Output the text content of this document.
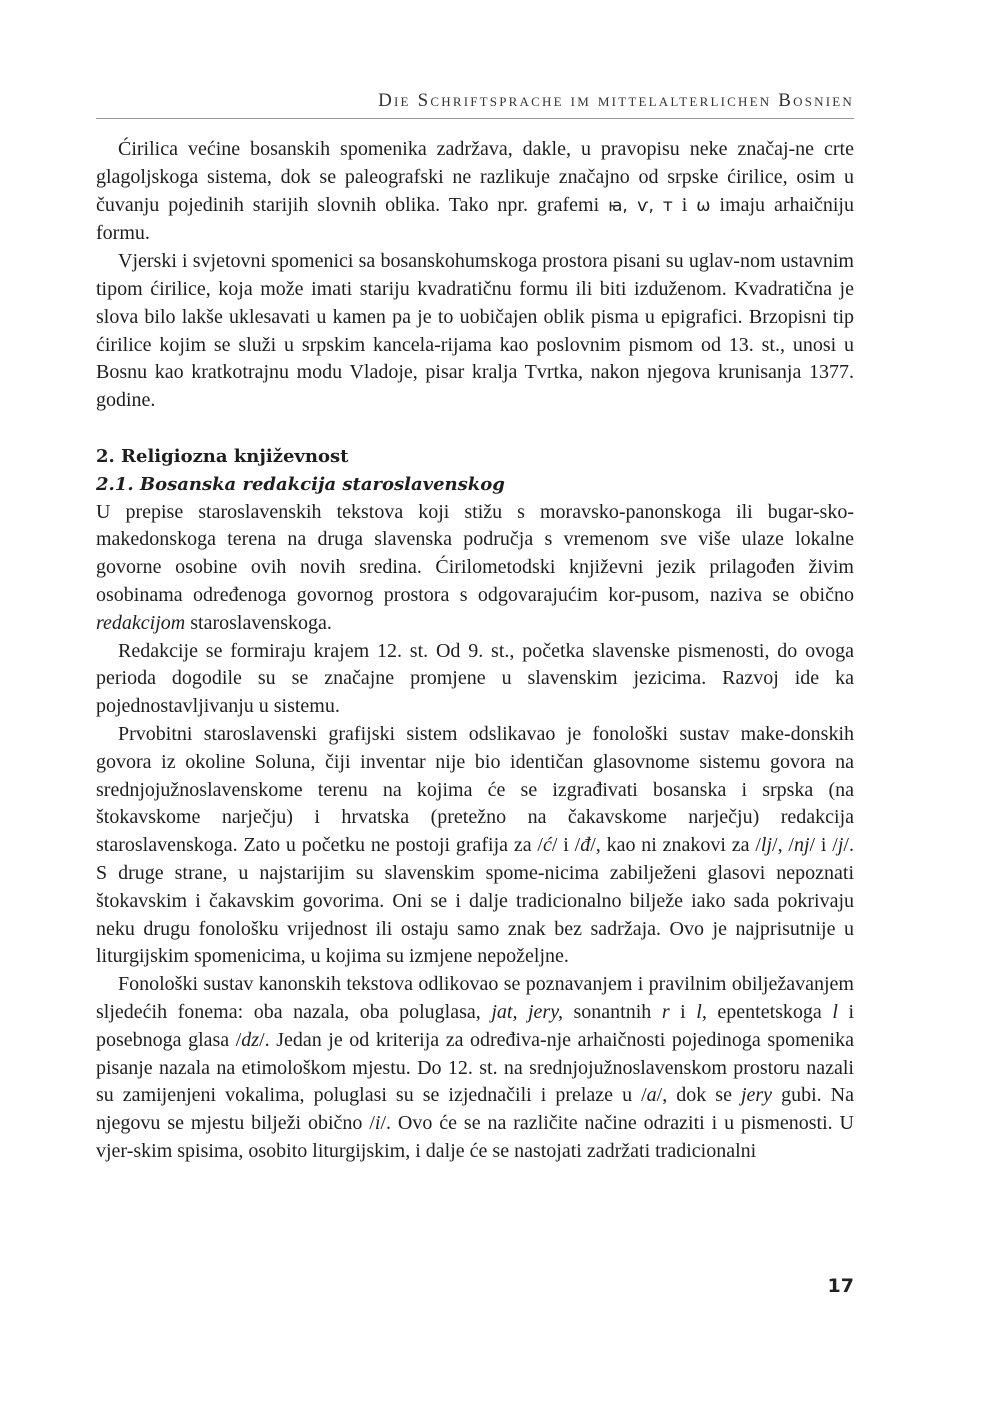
Die Schriftsprache im mittelalterlichen Bosnien

Ćirilica većine bosanskih spomenika zadržava, dakle, u pravopisu neke značaj-ne crte glagoljskoga sistema, dok se paleografski ne razlikuje značajno od srpske ćirilice, osim u čuvanju pojedinih starijih slovnih oblika. Tako npr. grafemi ꙗ, ѵ, т i ѡ imaju arhaičniju formu.

Vjerski i svjetovni spomenici sa bosanskohumskoga prostora pisani su uglav-nom ustavnim tipom ćirilice, koja može imati stariju kvadratičnu formu ili biti izduženom. Kvadratična je slova bilo lakše uklesavati u kamen pa je to uobičajen oblik pisma u epigrafici. Brzopisni tip ćirilice kojim se služi u srpskim kancela-rijama kao poslovnim pismom od 13. st., unosi u Bosnu kao kratkotrajnu modu Vladoje, pisar kralja Tvrtka, nakon njegova krunisanja 1377. godine.

2. Religiozna književnost
2.1. Bosanska redakcija staroslavenskog

U prepise staroslavenskih tekstova koji stižu s moravsko-panonskoga ili bugar-sko-makedonskoga terena na druga slavenska područja s vremenom sve više ulaze lokalne govorne osobine ovih novih sredina. Ćirilometodski književni jezik prilagođen živim osobinama određenoga govornog prostora s odgovarajućim kor-pusom, naziva se obično redakcijom staroslavenskoga.

Redakcije se formiraju krajem 12. st. Od 9. st., početka slavenske pismenosti, do ovoga perioda dogodile su se značajne promjene u slavenskim jezicima. Razvoj ide ka pojednostavljivanju u sistemu.

Prvobitni staroslavenski grafijski sistem odslikavao je fonološki sustav make-donskih govora iz okoline Soluna, čiji inventar nije bio identičan glasovnome sistemu govora na srednjojužnoslavenskome terenu na kojima će se izgrađivati bosanska i srpska (na štokavskome narječju) i hrvatska (pretežno na čakavskome narječju) redakcija staroslavenskoga. Zato u početku ne postoji grafija za /ć/ i /đ/, kao ni znakovi za /lj/, /nj/ i /j/. S druge strane, u najstarijim su slavenskim spome-nicima zabilježeni glasovi nepoznati štokavskim i čakavskim govorima. Oni se i dalje tradicionalno bilježe iako sada pokrivaju neku drugu fonološku vrijednost ili ostaju samo znak bez sadržaja. Ovo je najprisutnije u liturgijskim spomenicima, u kojima su izmjene nepoželjne.

Fonološki sustav kanonskih tekstova odlikovao se poznavanjem i pravilnim obilježavanjem sljedećih fonema: oba nazala, oba poluglasa, jat, jery, sonantnih r i l, epentetskoga l i posebnoga glasa /dz/. Jedan je od kriterija za određiva-nje arhaičnosti pojedinoga spomenika pisanje nazala na etimološkom mjestu. Do 12. st. na srednjojužnoslavenskom prostoru nazali su zamijenjeni vokalima, poluglasi su se izjednačili i prelaze u /a/, dok se jery gubi. Na njegovu se mjestu bilježi obično /i/. Ovo će se na različite načine odraziti i u pismenosti. U vjer-skim spisima, osobito liturgijskim, i dalje će se nastojati zadržati tradicionalni

17
